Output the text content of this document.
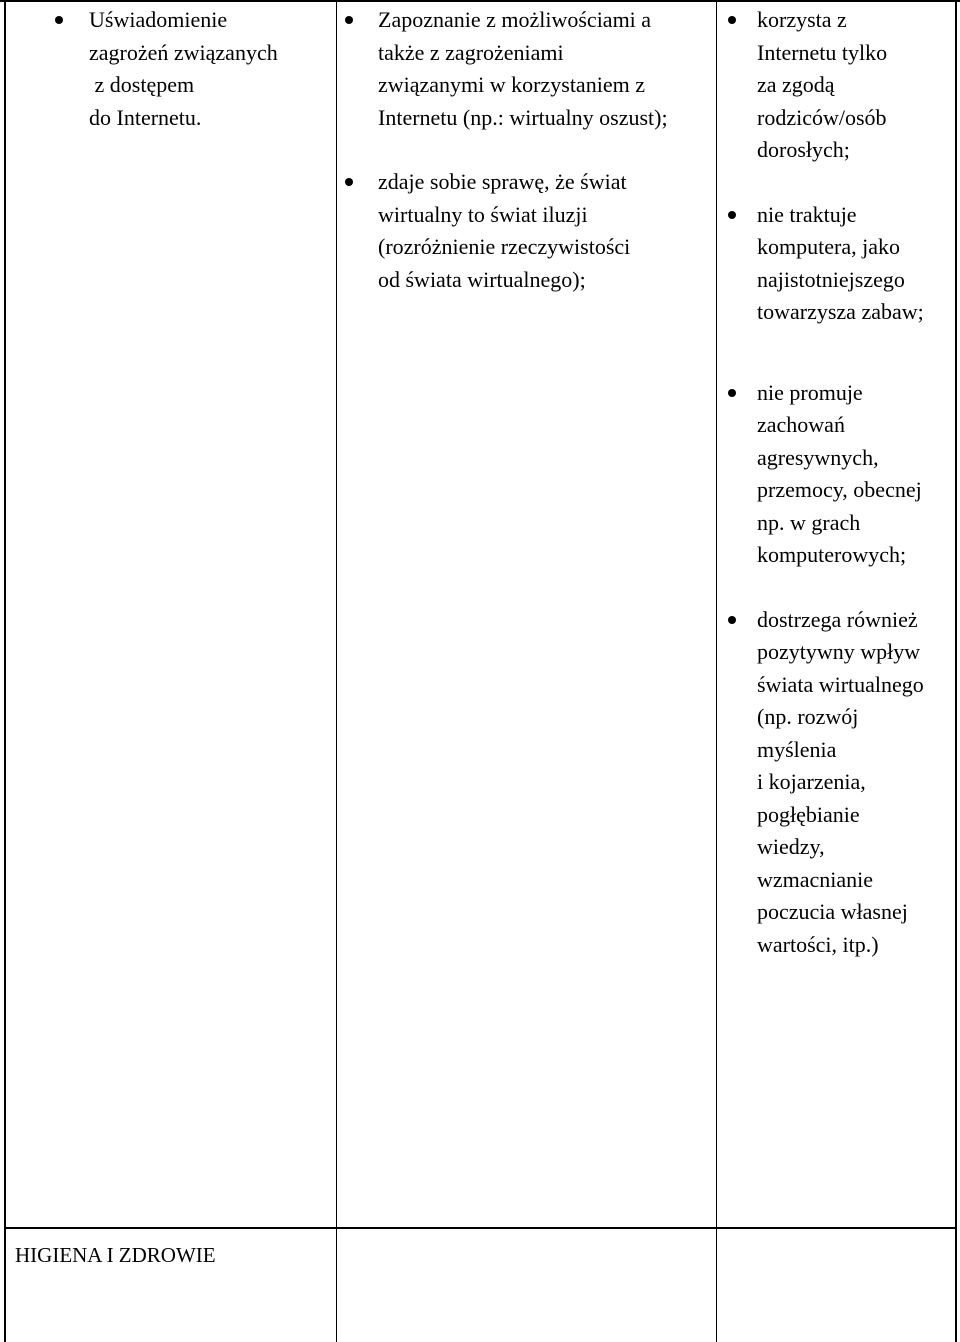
Uświadomienie
zagrożeń związanych
z dostępem
do Internetu.
Zapoznanie z możliwościami a
także z zagrożeniami
związanymi w korzystaniem z
Internetu (np.: wirtualny oszust);
zdaje sobie sprawę, że świat
wirtualny to świat iluzji
(rozróżnienie rzeczywistości
od świata wirtualnego);
korzysta z
Internetu tylko
za zgodą
rodziców/osób
dorosłych;
nie traktuje
komputera, jako
najistotniejszego
towarzysza zabaw;
nie promuje
zachowań
agresywnych,
przemocy, obecnej
np. w grach
komputerowych;
dostrzega również
pozytywny wpływ
świata wirtualnego
(np. rozwój
myślenia
i kojarzenia,
pogłębianie
wiedzy,
wzmacnianie
poczucia własnej
wartości, itp.)
HIGIENA I ZDROWIE
